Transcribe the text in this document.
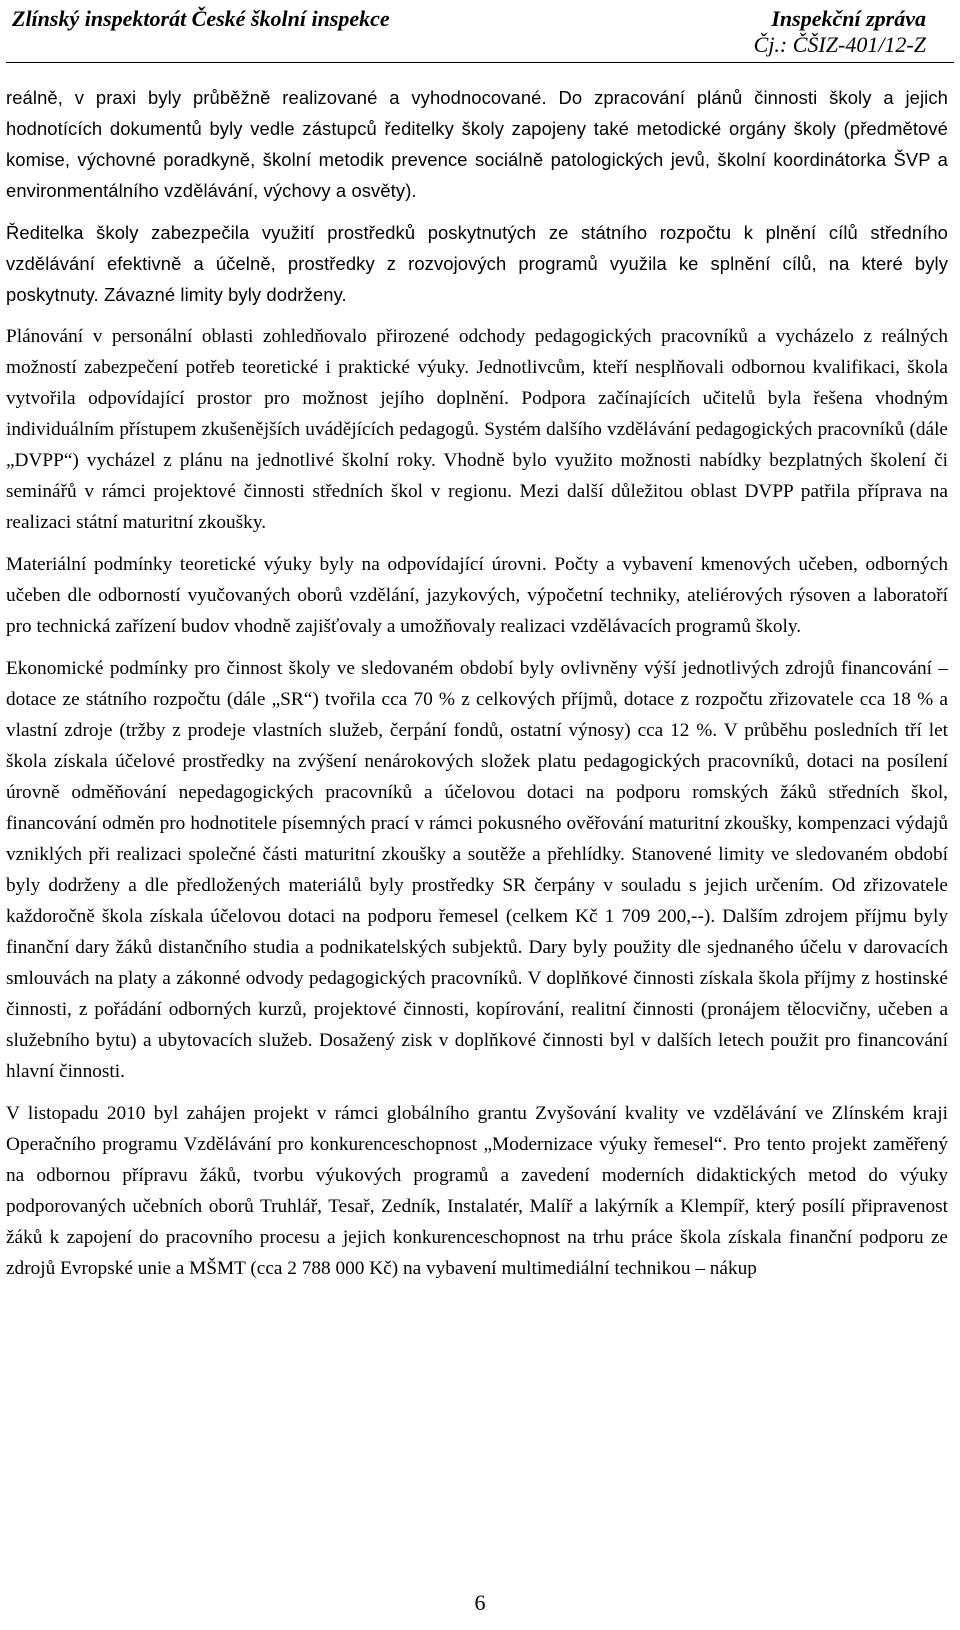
Zlínský inspektorát České školní inspekce	Inspekční zpráva
Čj.: ČŠIZ-401/12-Z

reálně, v praxi byly průběžně realizované a vyhodnocované. Do zpracování plánů činnosti školy a jejich hodnotících dokumentů byly vedle zástupců ředitelky školy zapojeny také metodické orgány školy (předmětové komise, výchovné poradkyně, školní metodik prevence sociálně patologických jevů, školní koordinátorka ŠVP a environmentálního vzdělávání, výchovy a osvěty).

Ředitelka školy zabezpečila využití prostředků poskytnutých ze státního rozpočtu k plnění cílů středního vzdělávání efektivně a účelně, prostředky z rozvojových programů využila ke splnění cílů, na které byly poskytnuty. Závazné limity byly dodrženy.

Plánování v personální oblasti zohledňovalo přirozené odchody pedagogických pracovníků a vycházelo z reálných možností zabezpečení potřeb teoretické i praktické výuky. Jednotlivcům, kteří nesplňovali odbornou kvalifikaci, škola vytvořila odpovídající prostor pro možnost jejího doplnění. Podpora začínajících učitelů byla řešena vhodným individuálním přístupem zkušenějších uvádějících pedagogů. Systém dalšího vzdělávání pedagogických pracovníků (dále „DVPP“) vycházel z plánu na jednotlivé školní roky. Vhodně bylo využito možnosti nabídky bezplatných školení či seminářů v rámci projektové činnosti středních škol v regionu. Mezi další důležitou oblast DVPP patřila příprava na realizaci státní maturitní zkoušky.

Materiální podmínky teoretické výuky byly na odpovídající úrovni. Počty a vybavení kmenových učeben, odborných učeben dle odborností vyučovaných oborů vzdělání, jazykových, výpočetní techniky, ateliérových rýsoven a laboratoří pro technická zařízení budov vhodně zajišťovaly a umožňovaly realizaci vzdělávacích programů školy.

Ekonomické podmínky pro činnost školy ve sledovaném období byly ovlivněny výší jednotlivých zdrojů financování – dotace ze státního rozpočtu (dále „SR“) tvořila cca 70 % z celkových příjmů, dotace z rozpočtu zřizovatele cca 18 % a vlastní zdroje (tržby z prodeje vlastních služeb, čerpání fondů, ostatní výnosy) cca 12 %. V průběhu posledních tří let škola získala účelové prostředky na zvýšení nenárokových složek platu pedagogických pracovníků, dotaci na posílení úrovně odměňování nepedagogických pracovníků a účelovou dotaci na podporu romských žáků středních škol, financování odměn pro hodnotitele písemných prací v rámci pokusného ověřování maturitní zkoušky, kompenzaci výdajů vzniklých při realizaci společné části maturitní zkoušky a soutěže a přehlídky. Stanovené limity ve sledovaném období byly dodrženy a dle předložených materiálů byly prostředky SR čerpány v souladu s jejich určením. Od zřizovatele každoročně škola získala účelovou dotaci na podporu řemesel (celkem Kč 1 709 200,--). Dalším zdrojem příjmu byly finanční dary žáků distančního studia a podnikatelských subjektů. Dary byly použity dle sjednaného účelu v darovacích smlouvách na platy a zákonné odvody pedagogických pracovníků. V doplňkové činnosti získala škola příjmy z hostinské činnosti, z pořádání odborných kurzů, projektové činnosti, kopírování, realitní činnosti (pronájem tělocvičny, učeben a služebního bytu) a ubytovacích služeb. Dosažený zisk v doplňkové činnosti byl v dalších letech použit pro financování hlavní činnosti.

V listopadu 2010 byl zahájen projekt v rámci globálního grantu Zvyšování kvality ve vzdělávání ve Zlínském kraji Operačního programu Vzdělávání pro konkurenceschopnost „Modernizace výuky řemesel“. Pro tento projekt zaměřený na odbornou přípravu žáků, tvorbu výukových programů a zavedení moderních didaktických metod do výuky podporovaných učebních oborů Truhlář, Tesař, Zedník, Instalatér, Malíř a lakýrník a Klempíř, který posílí připravenost žáků k zapojení do pracovního procesu a jejich konkurenceschopnost na trhu práce škola získala finanční podporu ze zdrojů Evropské unie a MŠMT (cca 2 788 000 Kč) na vybavení multimediální technikou – nákup

6
